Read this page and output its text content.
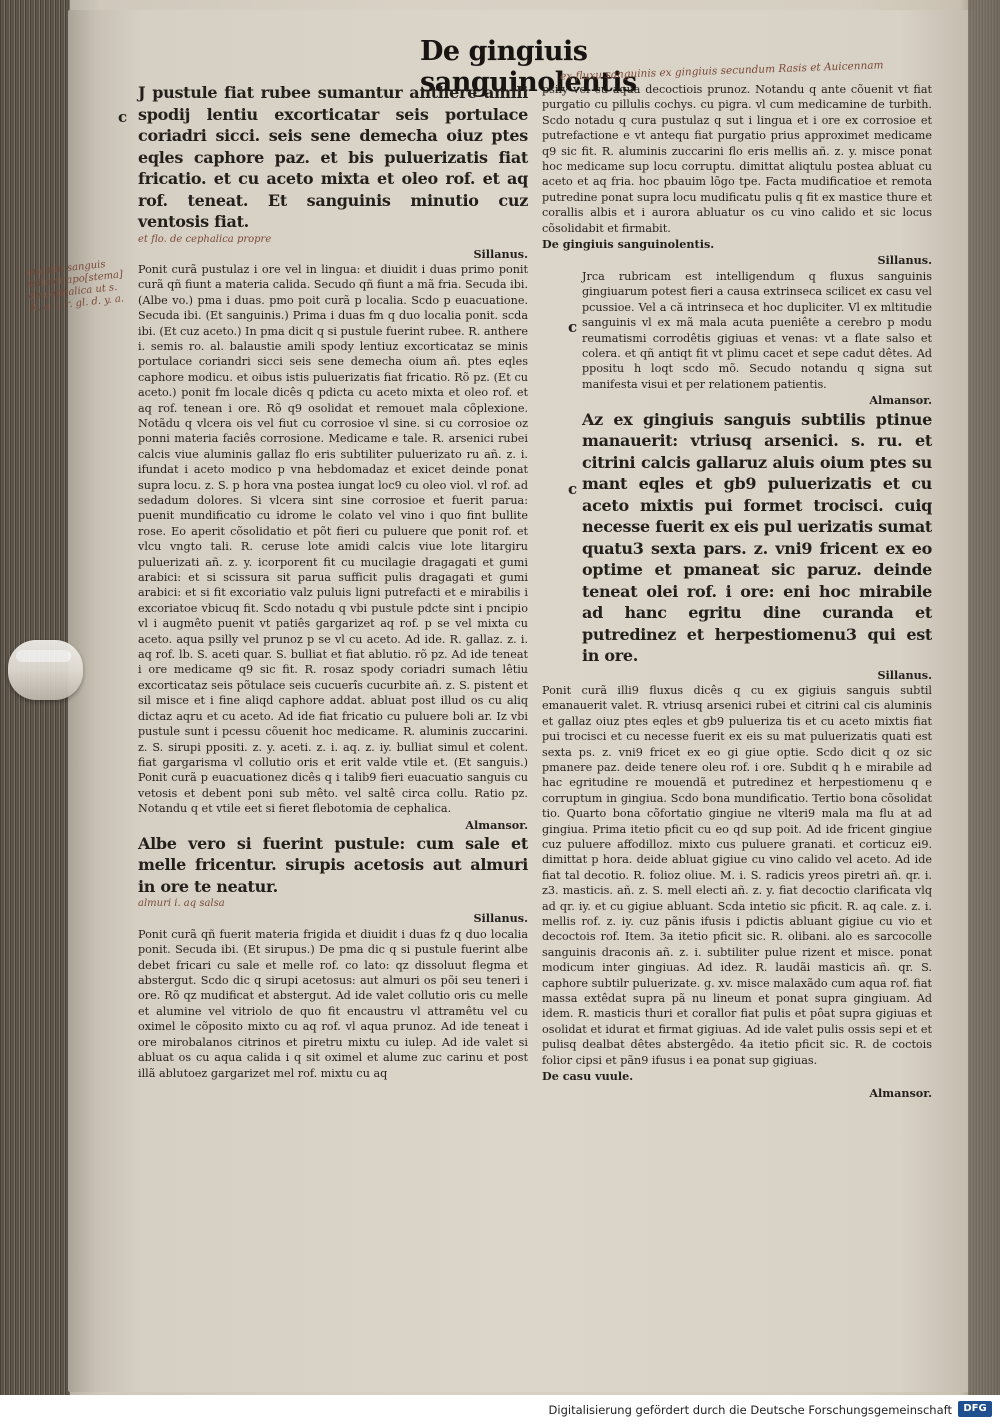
De gingiuis sanguinolentis
ex fluxu sanguinis ex gingiuis secundum Rasis et Auicennam
quando sanguis scilicet apo[stema] de cephalica ut s. R. a. i. r. gl. d. y. a.
c

J pustule fiat rubee sumantur anthere amili spodij lentiu excorticatar seis portulace coriadri sicci. seis sene demecha oiuz ptes eqles caphore paz. et bis puluerizatis fiat fricatio. et cu aceto mixta et oleo rof. et aq rof. teneat. Et sanguinis minutio cuz ventosis fiat.

et flo. de cephalica propre

Sillanus.

Ponit curã pustulaz i ore vel in lingua: et diuidit i duas primo ponit curã qñ fiunt a materia calida. Secudo qñ fiunt a mã fria. Secuda ibi. (Albe vo.) pma i duas. pmo poit curã p localia. Scdo p euacuatione. Secuda ibi. (Et sanguinis.) Prima i duas fm q duo localia ponit. scda ibi. (Et cuz aceto.) In pma dicit q si pustule fuerint rubee. R. anthere i. semis ro. al. balaustie amili spody lentiuz excorticataz se minis portulace coriandri sicci seis sene demecha oium añ. ptes eqles caphore modicu. et oibus istis puluerizatis fiat fricatio. Rõ pz. (Et cu aceto.) ponit fm locale dicês q pdicta cu aceto mixta et oleo rof. et aq rof. tenean i ore. Rõ q9 osolidat et remouet mala cõplexione. Notãdu q vlcera ois vel fiut cu corrosioe vl sine. si cu corrosioe oz ponni materia faciês corrosione. Medicame e tale. R. arsenici rubei calcis viue aluminis gallaz flo eris subtiliter puluerizato ru añ. z. i. ifundat i aceto modico p vna hebdomadaz et exicet deinde ponat supra locu. z. S. p hora vna postea iungat loc9 cu oleo viol. vl rof. ad sedadum dolores. Si vlcera sint sine corrosioe et fuerit parua: puenit mundificatio cu idrome le colato vel vino i quo fint bullite rose. Eo aperit cõsolidatio et põt fieri cu puluere que ponit rof. et vlcu vngto tali. R. ceruse lote amidi calcis viue lote litargiru puluerizati añ. z. y. icorporent fit cu mucilagie dragagati et gumi arabici: et si scissura sit parua sufficit pulis dragagati et gumi arabici: et si fit excoriatio valz puluis ligni putrefacti et e mirabilis i excoriatoe vbicuq fit. Scdo notadu q vbi pustule pdcte sint i pncipio vl i augmêto puenit vt patiês gargarizet aq rof. p se vel mixta cu aceto. aqua psilly vel prunoz p se vl cu aceto. Ad ide. R. gallaz. z. i. aq rof. lb. S. aceti quar. S. bulliat et fiat ablutio. rõ pz. Ad ide teneat i ore medicame q9 sic fit. R. rosaz spody coriadri sumach lêtiu excorticataz seis põtulace seis cucuerîs cucurbite añ. z. S. pistent et sil misce et i fine aliqd caphore addat. abluat post illud os cu aliq dictaz aqru et cu aceto. Ad ide fiat fricatio cu puluere boli ar. Iz vbi pustule sunt i pcessu cõuenit hoc medicame. R. aluminis zuccarini. z. S. sirupi ppositi. z. y. aceti. z. i. aq. z. iy. bulliat simul et colent. fiat gargarisma vl collutio oris et erit valde vtile et. (Et sanguis.) Ponit curã p euacuationez dicês q i talib9 fieri euacuatio sanguis cu vetosis et debent poni sub mêto. vel saltê circa collu. Ratio pz. Notandu q et vtile eet si fieret flebotomia de cephalica.

Almansor.

Albe vero si fuerint pustule: cum sale et melle fricentur. sirupis acetosis aut almuri in ore te neatur.

almuri i. aq salsa

Sillanus.

Ponit curã qñ fuerit materia frigida et diuidit i duas fz q duo localia ponit. Secuda ibi. (Et sirupus.) De pma dic q si pustule fuerint albe debet fricari cu sale et melle rof. co lato: qz dissoluut flegma et abstergut. Scdo dic q sirupi acetosus: aut almuri os põi seu teneri i ore. Rõ qz mudificat et abstergut. Ad ide valet collutio oris cu melle et alumine vel vitriolo de quo fit encaustru vl attramêtu vel cu oximel le cõposito mixto cu aq rof. vl aqua prunoz. Ad ide teneat i ore mirobalanos citrinos et piretru mixtu cu iulep. Ad ide valet si abluat os cu aqua calida i q sit oximel et alume zuc carinu et post illã ablutoez gargarizet mel rof. mixtu cu aq

c
c

psily vel cu aqua decoctiois prunoz. Notandu q ante cõuenit vt fiat purgatio cu pillulis cochys. cu pigra. vl cum medicamine de turbith. Scdo notadu q cura pustulaz q sut i lingua et i ore ex corrosioe et putrefactione e vt antequ fiat purgatio prius approximet medicame q9 sic fit. R. aluminis zuccarini flo eris mellis añ. z. y. misce ponat hoc medicame sup locu corruptu. dimittat aliqtulu postea abluat cu aceto et aq fria. hoc pbauim lõgo tpe. Facta mudificatioe et remota putredine ponat supra locu mudificatu pulis q fit ex mastice thure et corallis albis et i aurora abluatur os cu vino calido et sic locus cõsolidabit et firmabit.

De gingiuis sanguinolentis.

Sillanus.

Jrca rubricam est intelligendum q fluxus sanguinis gingiuarum potest fieri a causa extrinseca scilicet ex casu vel pcussioe. Vel a că intrinseca et hoc dupliciter. Vl ex mltitudie sanguinis vl ex mã mala acuta pueniête a cerebro p modu reumatismi corrodêtis gigiuas et venas: vt a flate salso et colera. et qñ antiqt fit vt plimu cacet et sepe cadut dêtes. Ad ppositu h loqt scdo mõ. Secudo notandu q signa sut manifesta visui et per relationem patientis.

Almansor.

Az ex gingiuis sanguis subtilis ptinue manauerit: vtriusq arsenici. s. ru. et citrini calcis gallaruz aluis oium ptes su mant eqles et gb9 puluerizatis et cu aceto mixtis pui formet trocisci. cuiq necesse fuerit ex eis pul uerizatis sumat quatu3 sexta pars. z. vni9 fricent ex eo optime et pmaneat sic paruz. deinde teneat olei rof. i ore: eni hoc mirabile ad hanc egritu dine curanda et putredinez et herpestiomenu3 qui est in ore.

Sillanus.

Ponit curã illi9 fluxus dicês q cu ex gigiuis sanguis subtil emanauerit valet. R. vtriusq arsenici rubei et citrini cal cis aluminis et gallaz oiuz ptes eqles et gb9 pulueriza tis et cu aceto mixtis fiat pui trocisci et cu necesse fuerit ex eis su mat puluerizatis quati est sexta ps. z. vni9 fricet ex eo gi giue optie. Scdo dicit q oz sic pmanere paz. deide tenere oleu rof. i ore. Subdit q h e mirabile ad hac egritudine re mouendã et putredinez et herpestiomenu q e corruptum in gingiua. Scdo bona mundificatio. Tertio bona cõsolidat tio. Quarto bona cõfortatio gingiue ne vlteri9 mala ma flu at ad gingiua. Prima itetio pficit cu eo qd sup poit. Ad ide fricent gingiue cuz puluere affodilloz. mixto cus puluere granati. et corticuz ei9. dimittat p hora. deide abluat gigiue cu vino calido vel aceto. Ad ide fiat tal decotio. R. folioz oliue. M. i. S. radicis yreos piretri añ. qr. i. z3. masticis. añ. z. S. mell electi añ. z. y. fiat decoctio clarificata vlq ad qr. iy. et cu gigiue abluant. Scda intetio sic pficit. R. aq cale. z. i. mellis rof. z. iy. cuz pãnis ifusis i pdictis abluant gigiue cu vio et decoctois rof. Item. 3a itetio pficit sic. R. olibani. alo es sarcocolle sanguinis draconis añ. z. i. subtiliter pulue rizent et misce. ponat modicum inter gingiuas. Ad idez. R. laudãi masticis añ. qr. S. caphore subtilr puluerizate. g. xv. misce malaxãdo cum aqua rof. fiat massa extêdat supra pã nu lineum et ponat supra gingiuam. Ad idem. R. masticis thuri et corallor fiat pulis et pôat supra gigiuas et osolidat et idurat et firmat gigiuas. Ad ide valet pulis ossis sepi et et pulisq dealbat dêtes abstergêdo. 4a itetio pficit sic. R. de coctois folior cipsi et pãn9 ifusus i ea ponat sup gigiuas.

De casu vuule.

Almansor.
Digitalisierung gefördert durch die Deutsche Forschungsgemeinschaft	DFG
